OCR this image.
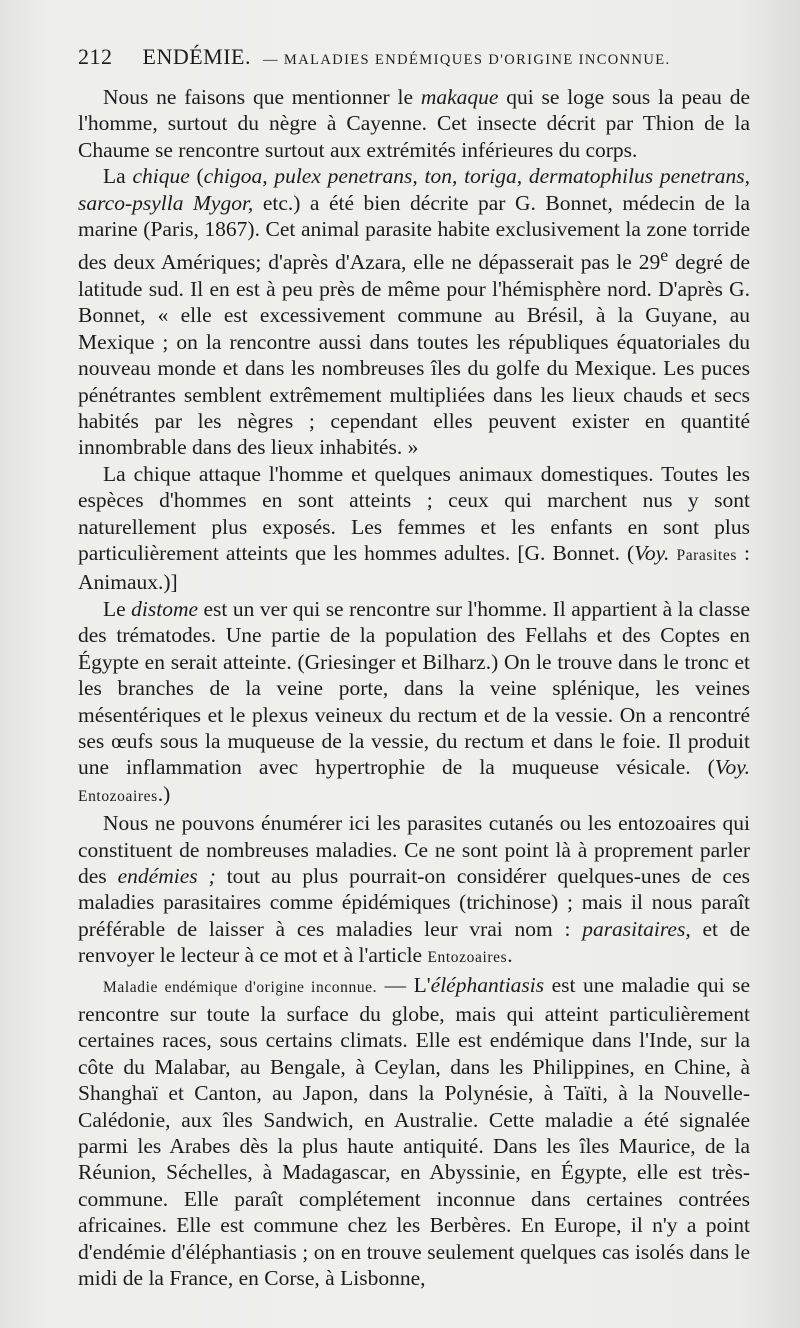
212 ENDÉMIE. — MALADIES ENDÉMIQUES D'ORIGINE INCONNUE.

Nous ne faisons que mentionner le makaque qui se loge sous la peau de l'homme, surtout du nègre à Cayenne. Cet insecte décrit par Thion de la Chaume se rencontre surtout aux extrémités inférieures du corps.

La chique (chigoa, pulex penetrans, ton, toriga, dermatophilus penetrans, sarco-psylla Mygor, etc.) a été bien décrite par G. Bonnet, médecin de la marine (Paris, 1867). Cet animal parasite habite exclusivement la zone torride des deux Amériques; d'après d'Azara, elle ne dépasserait pas le 29e degré de latitude sud. Il en est à peu près de même pour l'hémisphère nord. D'après G. Bonnet, « elle est excessivement commune au Brésil, à la Guyane, au Mexique ; on la rencontre aussi dans toutes les républiques équatoriales du nouveau monde et dans les nombreuses îles du golfe du Mexique. Les puces pénétrantes semblent extrêmement multipliées dans les lieux chauds et secs habités par les nègres ; cependant elles peuvent exister en quantité innombrable dans des lieux inhabités. »

La chique attaque l'homme et quelques animaux domestiques. Toutes les espèces d'hommes en sont atteints ; ceux qui marchent nus y sont naturellement plus exposés. Les femmes et les enfants en sont plus particulièrement atteints que les hommes adultes. [G. Bonnet. (Voy. Parasites : Animaux.)]

Le distome est un ver qui se rencontre sur l'homme. Il appartient à la classe des trématodes. Une partie de la population des Fellahs et des Coptes en Égypte en serait atteinte. (Griesinger et Bilharz.) On le trouve dans le tronc et les branches de la veine porte, dans la veine splénique, les veines mésentériques et le plexus veineux du rectum et de la vessie. On a rencontré ses œufs sous la muqueuse de la vessie, du rectum et dans le foie. Il produit une inflammation avec hypertrophie de la muqueuse vésicale. (Voy. Entozoaires.)

Nous ne pouvons énumérer ici les parasites cutanés ou les entozoaires qui constituent de nombreuses maladies. Ce ne sont point là à proprement parler des endémies ; tout au plus pourrait-on considérer quelques-unes de ces maladies parasitaires comme épidémiques (trichinose) ; mais il nous paraît préférable de laisser à ces maladies leur vrai nom : parasitaires, et de renvoyer le lecteur à ce mot et à l'article Entozoaires.

Maladie endémique d'origine inconnue. — L'éléphantiasis est une maladie qui se rencontre sur toute la surface du globe, mais qui atteint particulièrement certaines races, sous certains climats. Elle est endémique dans l'Inde, sur la côte du Malabar, au Bengale, à Ceylan, dans les Philippines, en Chine, à Shanghaï et Canton, au Japon, dans la Polynésie, à Taïti, à la Nouvelle-Calédonie, aux îles Sandwich, en Australie. Cette maladie a été signalée parmi les Arabes dès la plus haute antiquité. Dans les îles Maurice, de la Réunion, Séchelles, à Madagascar, en Abyssinie, en Égypte, elle est très-commune. Elle paraît complétement inconnue dans certaines contrées africaines. Elle est commune chez les Berbères. En Europe, il n'y a point d'endémie d'éléphantiasis ; on en trouve seulement quelques cas isolés dans le midi de la France, en Corse, à Lisbonne,
